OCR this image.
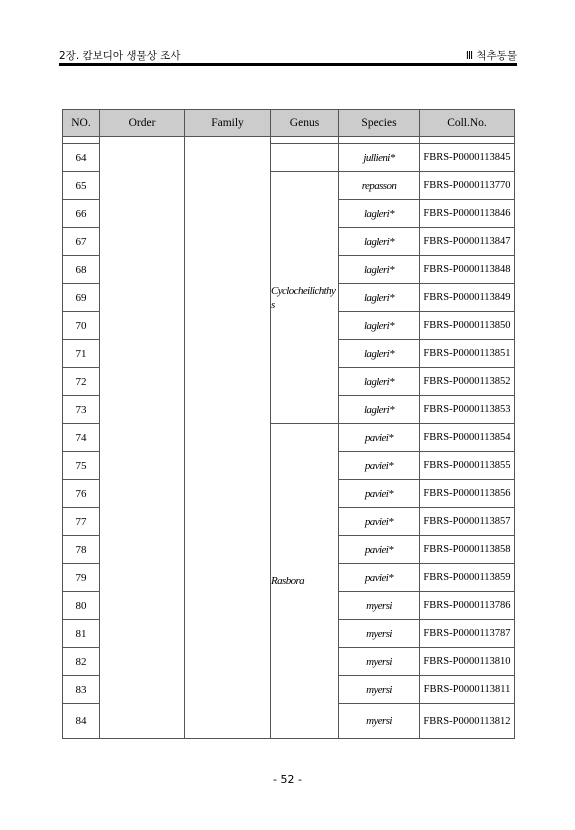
2장. 캄보디아 생물상 조사	Ⅲ 척추동물
NO.	Order	Family	Genus	Species	Coll.No.

64				jullieni*	FBRS-P0000113845
65			Cyclocheilichthys	repasson	FBRS-P0000113770
66				lagleri*	FBRS-P0000113846
67				lagleri*	FBRS-P0000113847
68				lagleri*	FBRS-P0000113848
69				lagleri*	FBRS-P0000113849
70				lagleri*	FBRS-P0000113850
71				lagleri*	FBRS-P0000113851
72				lagleri*	FBRS-P0000113852
73				lagleri*	FBRS-P0000113853
74			Rasbora	paviei*	FBRS-P0000113854
75				paviei*	FBRS-P0000113855
76				paviei*	FBRS-P0000113856
77				paviei*	FBRS-P0000113857
78				paviei*	FBRS-P0000113858
79				paviei*	FBRS-P0000113859
80				myersi	FBRS-P0000113786
81				myersi	FBRS-P0000113787
82				myersi	FBRS-P0000113810
83				myersi	FBRS-P0000113811
84				myersi	FBRS-P0000113812
- 52 -
